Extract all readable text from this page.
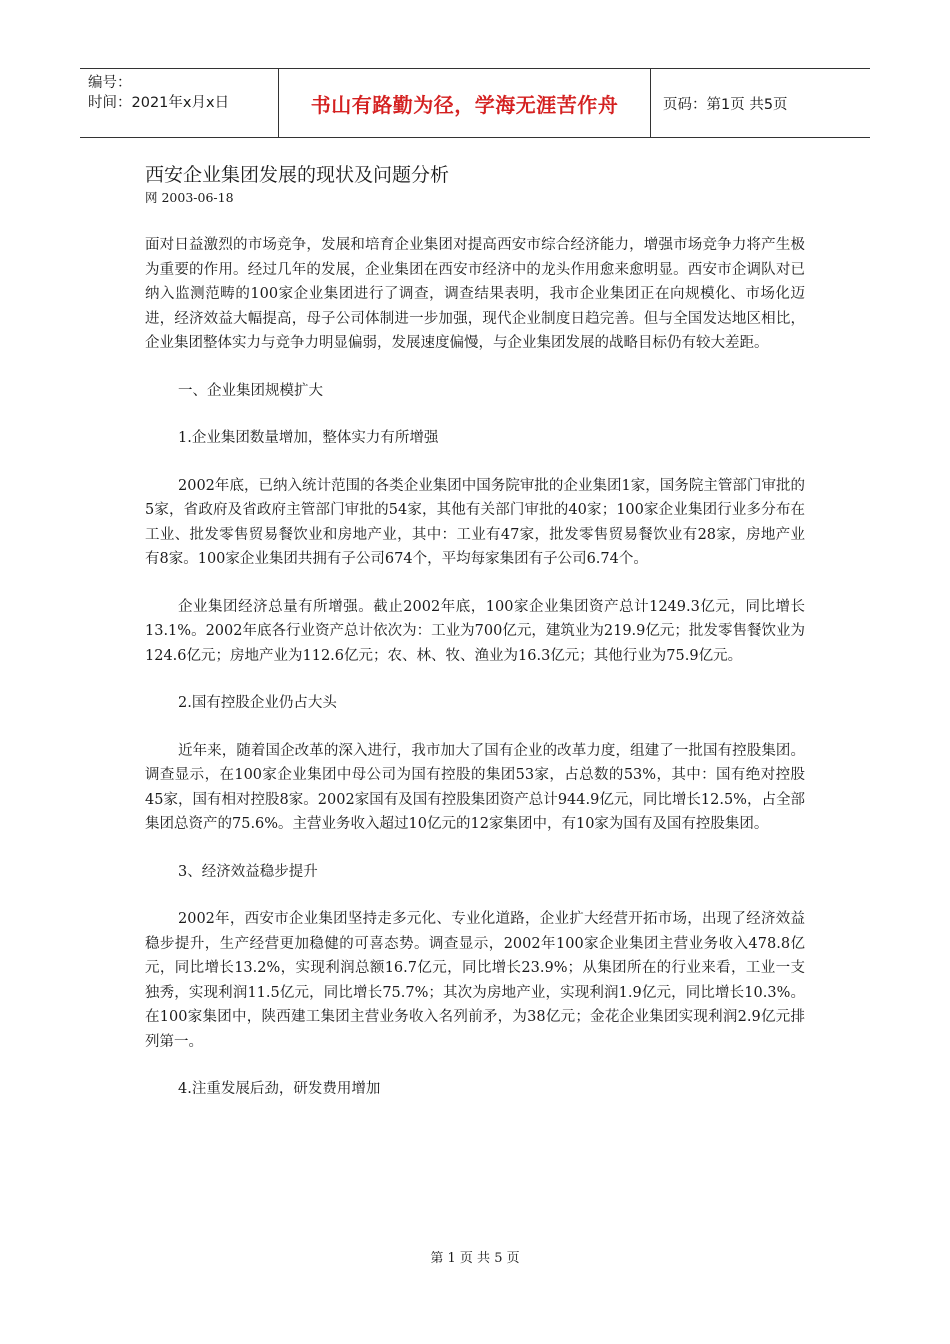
编号：
时间：2021年x月x日	书山有路勤为径，学海无涯苦作舟	页码：第1页 共5页
西安企业集团发展的现状及问题分析
网 2003-06-18

面对日益激烈的市场竞争，发展和培育企业集团对提高西安市综合经济能力，增强市场竞争力将产生极为重要的作用。经过几年的发展，企业集团在西安市经济中的龙头作用愈来愈明显。西安市企调队对已纳入监测范畴的100家企业集团进行了调查，调查结果表明，我市企业集团正在向规模化、市场化迈进，经济效益大幅提高，母子公司体制进一步加强，现代企业制度日趋完善。但与全国发达地区相比，企业集团整体实力与竞争力明显偏弱，发展速度偏慢，与企业集团发展的战略目标仍有较大差距。

一、企业集团规模扩大

1.企业集团数量增加，整体实力有所增强

2002年底，已纳入统计范围的各类企业集团中国务院审批的企业集团1家，国务院主管部门审批的5家，省政府及省政府主管部门审批的54家，其他有关部门审批的40家；100家企业集团行业多分布在工业、批发零售贸易餐饮业和房地产业，其中：工业有47家，批发零售贸易餐饮业有28家，房地产业有8家。100家企业集团共拥有子公司674个，平均每家集团有子公司6.74个。

企业集团经济总量有所增强。截止2002年底，100家企业集团资产总计1249.3亿元，同比增长13.1%。2002年底各行业资产总计依次为：工业为700亿元，建筑业为219.9亿元；批发零售餐饮业为124.6亿元；房地产业为112.6亿元；农、林、牧、渔业为16.3亿元；其他行业为75.9亿元。

2.国有控股企业仍占大头

近年来，随着国企改革的深入进行，我市加大了国有企业的改革力度，组建了一批国有控股集团。调查显示，在100家企业集团中母公司为国有控股的集团53家，占总数的53%，其中：国有绝对控股45家，国有相对控股8家。2002家国有及国有控股集团资产总计944.9亿元，同比增长12.5%，占全部集团总资产的75.6%。主营业务收入超过10亿元的12家集团中，有10家为国有及国有控股集团。

3、经济效益稳步提升

2002年，西安市企业集团坚持走多元化、专业化道路，企业扩大经营开拓市场，出现了经济效益稳步提升，生产经营更加稳健的可喜态势。调查显示，2002年100家企业集团主营业务收入478.8亿元，同比增长13.2%，实现利润总额16.7亿元，同比增长23.9%；从集团所在的行业来看，工业一支独秀，实现利润11.5亿元，同比增长75.7%；其次为房地产业，实现利润1.9亿元，同比增长10.3%。在100家集团中，陕西建工集团主营业务收入名列前矛，为38亿元；金花企业集团实现利润2.9亿元排列第一。

4.注重发展后劲，研发费用增加

第 1 页 共 5 页
